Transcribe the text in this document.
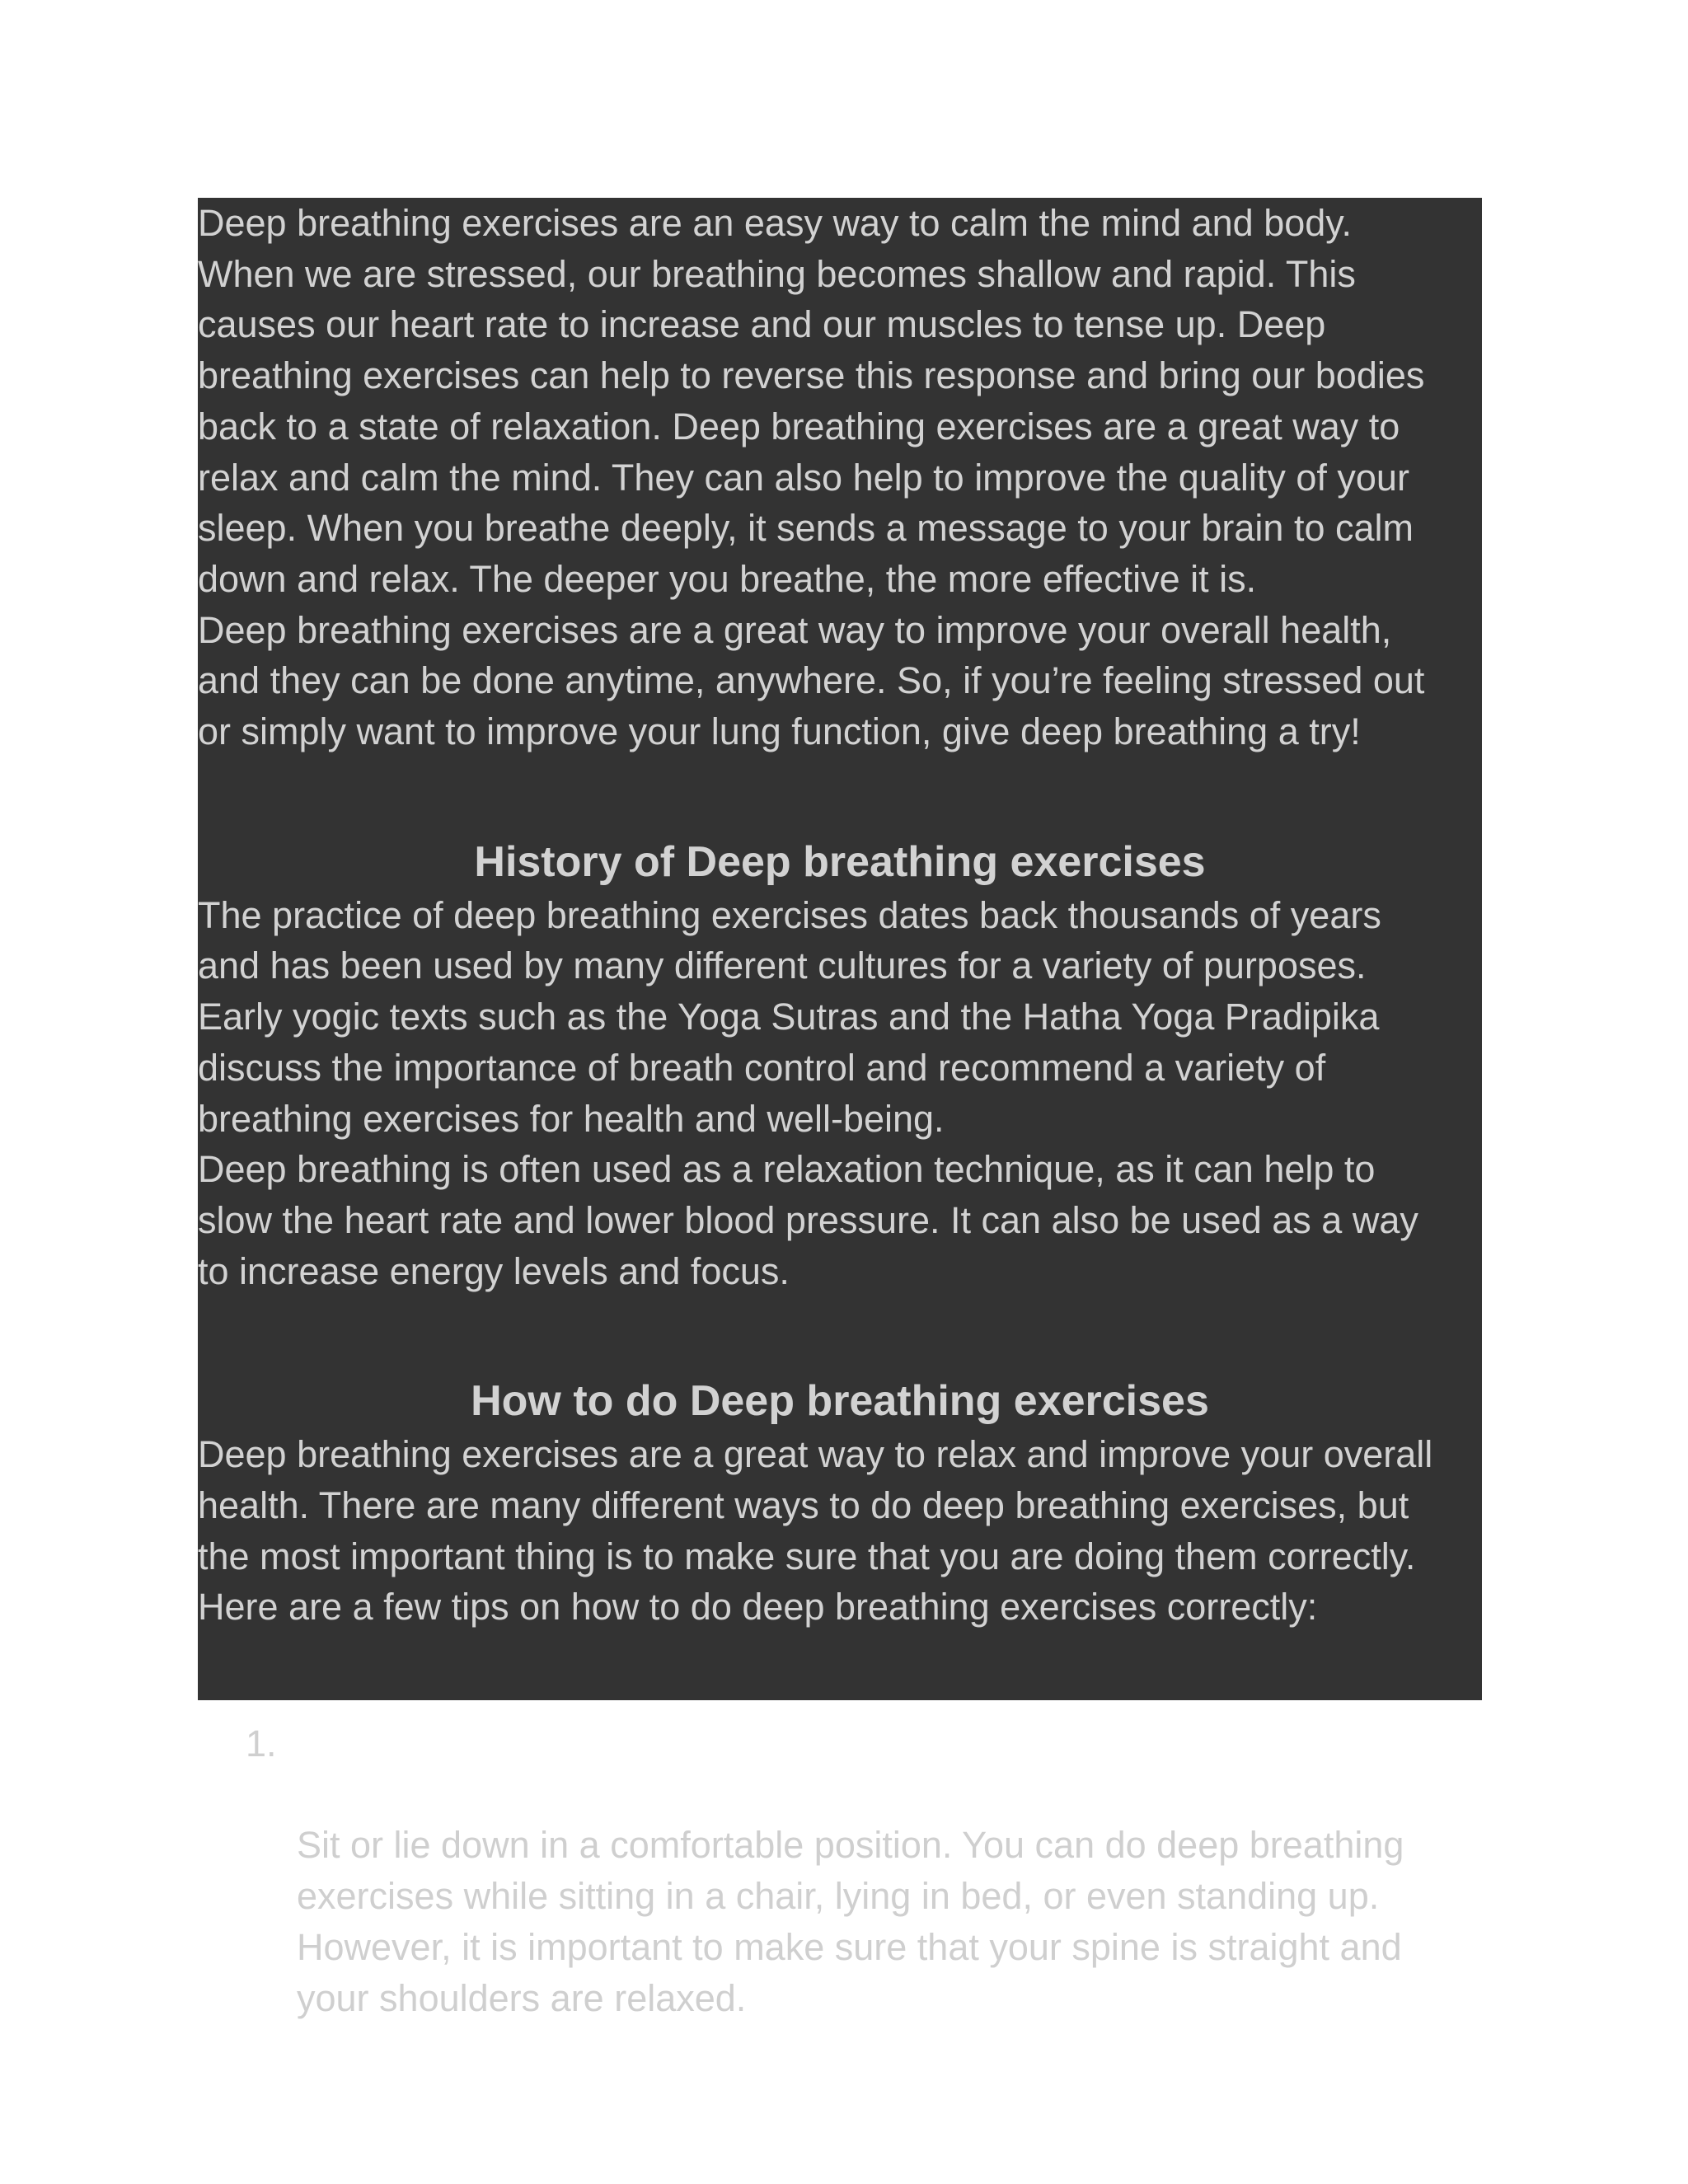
Deep breathing exercises are an easy way to calm the mind and body.
When we are stressed, our breathing becomes shallow and rapid. This
causes our heart rate to increase and our muscles to tense up. Deep
breathing exercises can help to reverse this response and bring our bodies
back to a state of relaxation. Deep breathing exercises are a great way to
relax and calm the mind. They can also help to improve the quality of your
sleep. When you breathe deeply, it sends a message to your brain to calm
down and relax. The deeper you breathe, the more effective it is.

Deep breathing exercises are a great way to improve your overall health,
and they can be done anytime, anywhere. So, if you’re feeling stressed out
or simply want to improve your lung function, give deep breathing a try!

History of Deep breathing exercises

The practice of deep breathing exercises dates back thousands of years
and has been used by many different cultures for a variety of purposes.
Early yogic texts such as the Yoga Sutras and the Hatha Yoga Pradipika
discuss the importance of breath control and recommend a variety of
breathing exercises for health and well-being.

Deep breathing is often used as a relaxation technique, as it can help to
slow the heart rate and lower blood pressure. It can also be used as a way
to increase energy levels and focus.

How to do Deep breathing exercises

Deep breathing exercises are a great way to relax and improve your overall
health. There are many different ways to do deep breathing exercises, but
the most important thing is to make sure that you are doing them correctly.
Here are a few tips on how to do deep breathing exercises correctly:

1.

Sit or lie down in a comfortable position. You can do deep breathing
exercises while sitting in a chair, lying in bed, or even standing up.
However, it is important to make sure that your spine is straight and
your shoulders are relaxed.
